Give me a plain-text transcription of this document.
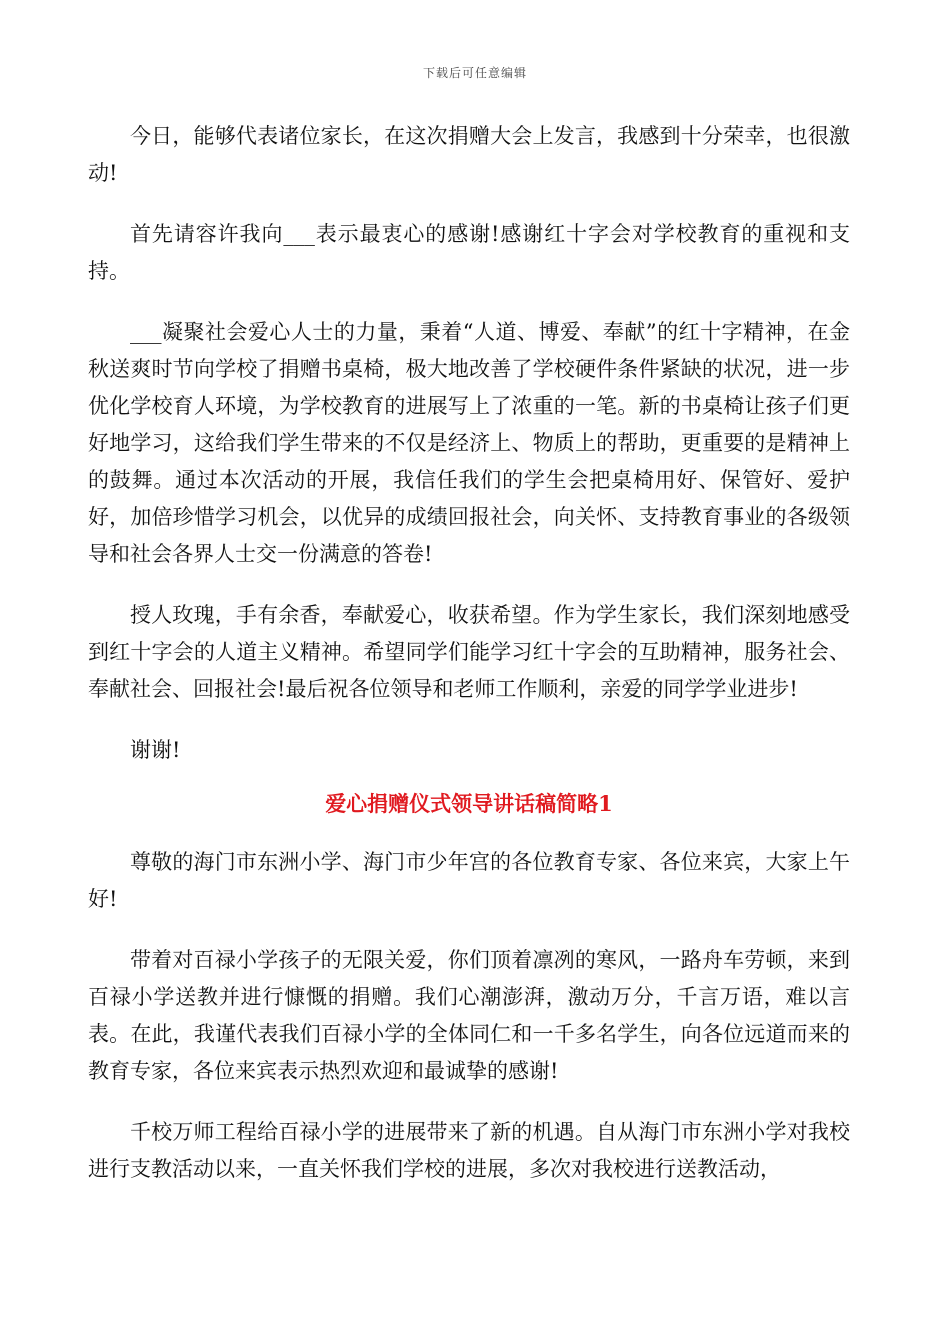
下载后可任意编辑

今日，能够代表诸位家长，在这次捐赠大会上发言，我感到十分荣幸，也很激动!

首先请容许我向___表示最衷心的感谢!感谢红十字会对学校教育的重视和支持。

___凝聚社会爱心人士的力量，秉着“人道、博爱、奉献”的红十字精神，在金秋送爽时节向学校了捐赠书桌椅，极大地改善了学校硬件条件紧缺的状况，进一步优化学校育人环境，为学校教育的进展写上了浓重的一笔。新的书桌椅让孩子们更好地学习，这给我们学生带来的不仅是经济上、物质上的帮助，更重要的是精神上的鼓舞。通过本次活动的开展，我信任我们的学生会把桌椅用好、保管好、爱护好，加倍珍惜学习机会，以优异的成绩回报社会，向关怀、支持教育事业的各级领导和社会各界人士交一份满意的答卷!

授人玫瑰，手有余香，奉献爱心，收获希望。作为学生家长，我们深刻地感受到红十字会的人道主义精神。希望同学们能学习红十字会的互助精神，服务社会、奉献社会、回报社会!最后祝各位领导和老师工作顺利，亲爱的同学学业进步!

谢谢!

爱心捐赠仪式领导讲话稿简略1

尊敬的海门市东洲小学、海门市少年宫的各位教育专家、各位来宾，大家上午好!

带着对百禄小学孩子的无限关爱，你们顶着凛冽的寒风，一路舟车劳顿，来到百禄小学送教并进行慷慨的捐赠。我们心潮澎湃，激动万分，千言万语，难以言表。在此，我谨代表我们百禄小学的全体同仁和一千多名学生，向各位远道而来的教育专家，各位来宾表示热烈欢迎和最诚挚的感谢!

千校万师工程给百禄小学的进展带来了新的机遇。自从海门市东洲小学对我校进行支教活动以来，一直关怀我们学校的进展，多次对我校进行送教活动，
